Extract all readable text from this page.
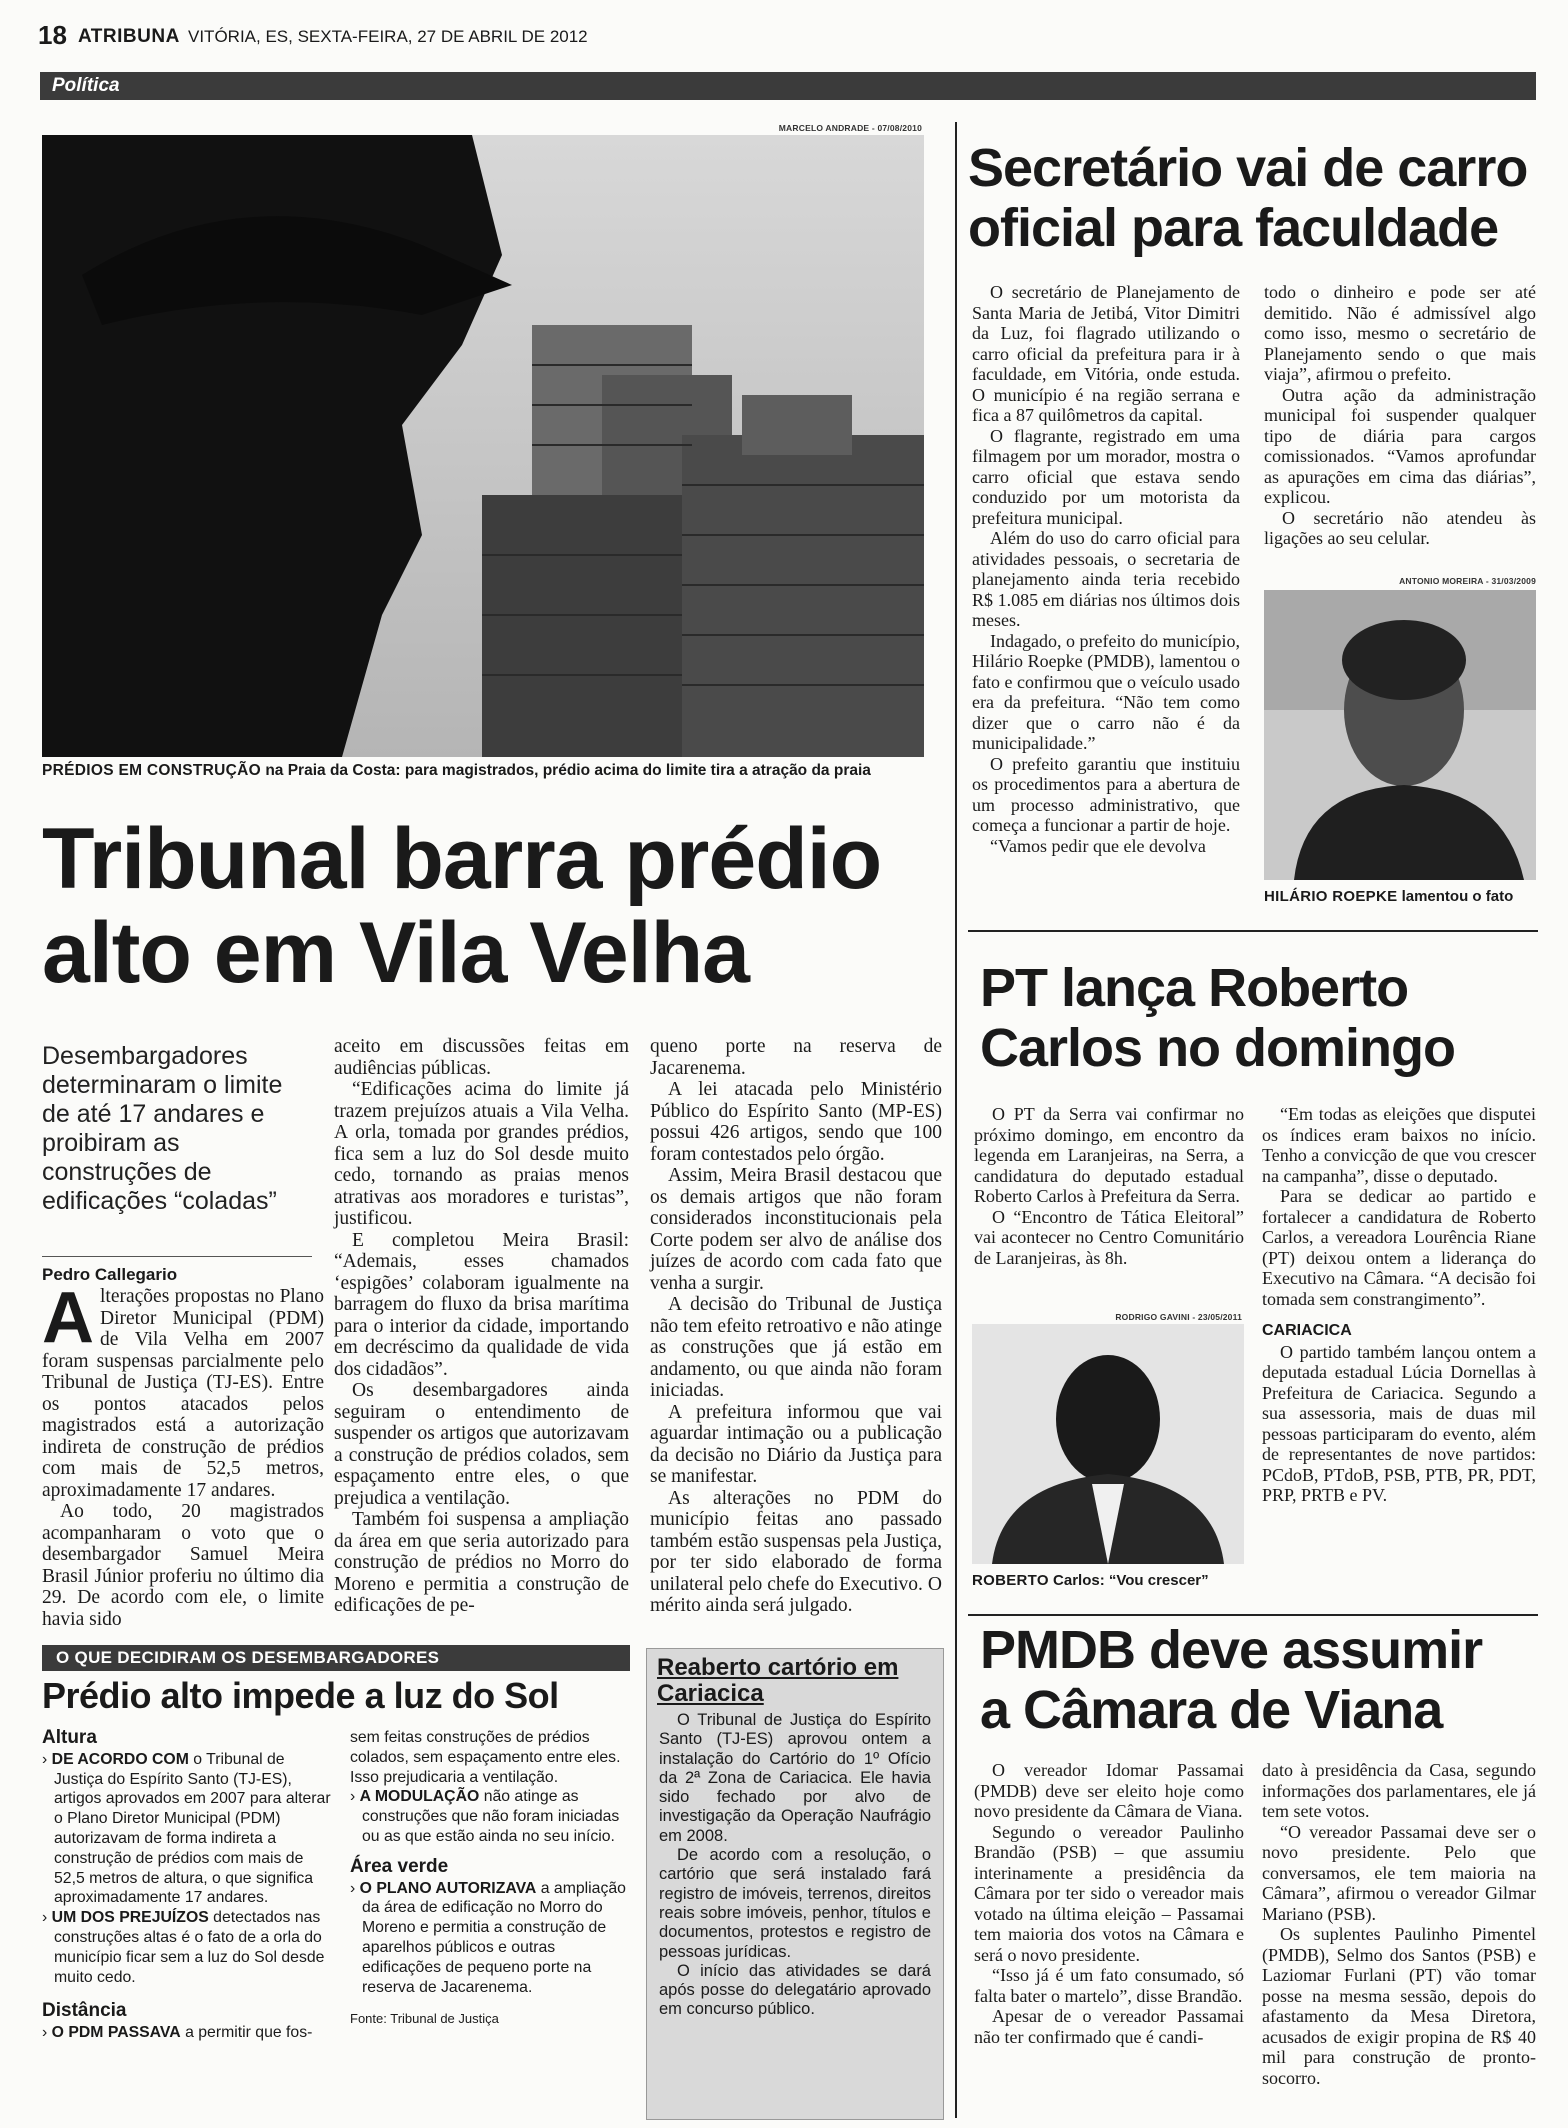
18 ATRIBUNA VITÓRIA, ES, SEXTA-FEIRA, 27 DE ABRIL DE 2012
Política
MARCELO ANDRADE - 07/08/2010
PRÉDIOS EM CONSTRUÇÃO na Praia da Costa: para magistrados, prédio acima do limite tira a atração da praia
Tribunal barra prédio
alto em Vila Velha
Desembargadores determinaram o limite de até 17 andares e proibiram as construções de edificações “coladas”
Pedro Callegario

Alterações propostas no Plano Diretor Municipal (PDM) de Vila Velha em 2007 foram suspensas parcialmente pelo Tribunal de Justiça (TJ-ES). Entre os pontos atacados pelos magistrados está a autorização indireta de construção de prédios com mais de 52,5 metros, aproximadamente 17 andares.

Ao todo, 20 magistrados acompanharam o voto que o desembargador Samuel Meira Brasil Júnior proferiu no último dia 29. De acordo com ele, o limite havia sido

aceito em discussões feitas em audiências públicas.

“Edificações acima do limite já trazem prejuízos atuais a Vila Velha. A orla, tomada por grandes prédios, fica sem a luz do Sol desde muito cedo, tornando as praias menos atrativas aos moradores e turistas”, justificou.

E completou Meira Brasil: “Ademais, esses chamados ‘espigões’ colaboram igualmente na barragem do fluxo da brisa marítima para o interior da cidade, importando em decréscimo da qualidade de vida dos cidadãos”.

Os desembargadores ainda seguiram o entendimento de suspender os artigos que autorizavam a construção de prédios colados, sem espaçamento entre eles, o que prejudica a ventilação.

Também foi suspensa a ampliação da área em que seria autorizado para construção de prédios no Morro do Moreno e permitia a construção de edificações de pe-

queno porte na reserva de Jacarenema.

A lei atacada pelo Ministério Público do Espírito Santo (MP-ES) possui 426 artigos, sendo que 100 foram contestados pelo órgão.

Assim, Meira Brasil destacou que os demais artigos que não foram considerados inconstitucionais pela Corte podem ser alvo de análise dos juízes de acordo com cada fato que venha a surgir.

A decisão do Tribunal de Justiça não tem efeito retroativo e não atinge as construções que já estão em andamento, ou que ainda não foram iniciadas.

A prefeitura informou que vai aguardar intimação ou a publicação da decisão no Diário da Justiça para se manifestar.

As alterações no PDM do município feitas ano passado também estão suspensas pela Justiça, por ter sido elaborado de forma unilateral pelo chefe do Executivo. O mérito ainda será julgado.

O QUE DECIDIRAM OS DESEMBARGADORES
Prédio alto impede a luz do Sol
Altura

› DE ACORDO COM o Tribunal de Justiça do Espírito Santo (TJ-ES), artigos aprovados em 2007 para alterar o Plano Diretor Municipal (PDM) autorizavam de forma indireta a construção de prédios com mais de 52,5 metros de altura, o que significa aproximadamente 17 andares.

› UM DOS PREJUÍZOS detectados nas construções altas é o fato de a orla do município ficar sem a luz do Sol desde muito cedo.

Distância

› O PDM PASSAVA a permitir que fos-

sem feitas construções de prédios colados, sem espaçamento entre eles. Isso prejudicaria a ventilação.

› A MODULAÇÃO não atinge as construções que não foram iniciadas ou as que estão ainda no seu início.

Área verde

› O PLANO AUTORIZAVA a ampliação da área de edificação no Morro do Moreno e permitia a construção de aparelhos públicos e outras edificações de pequeno porte na reserva de Jacarenema.

Fonte: Tribunal de Justiça
Reaberto cartório em Cariacica

O Tribunal de Justiça do Espírito Santo (TJ-ES) aprovou ontem a instalação do Cartório do 1º Ofício da 2ª Zona de Cariacica. Ele havia sido fechado por alvo de investigação da Operação Naufrágio em 2008.

De acordo com a resolução, o cartório que será instalado fará registro de imóveis, terrenos, direitos reais sobre imóveis, penhor, títulos e documentos, protestos e registro de pessoas jurídicas.

O início das atividades se dará após posse do delegatário aprovado em concurso público.

Secretário vai de carro
oficial para faculdade

O secretário de Planejamento de Santa Maria de Jetibá, Vitor Dimitri da Luz, foi flagrado utilizando o carro oficial da prefeitura para ir à faculdade, em Vitória, onde estuda. O município é na região serrana e fica a 87 quilômetros da capital.

O flagrante, registrado em uma filmagem por um morador, mostra o carro oficial que estava sendo conduzido por um motorista da prefeitura municipal.

Além do uso do carro oficial para atividades pessoais, o secretaria de planejamento ainda teria recebido R$ 1.085 em diárias nos últimos dois meses.

Indagado, o prefeito do município, Hilário Roepke (PMDB), lamentou o fato e confirmou que o veículo usado era da prefeitura. “Não tem como dizer que o carro não é da municipalidade.”

O prefeito garantiu que instituiu os procedimentos para a abertura de um processo administrativo, que começa a funcionar a partir de hoje.

“Vamos pedir que ele devolva

todo o dinheiro e pode ser até demitido. Não é admissível algo como isso, mesmo o secretário de Planejamento sendo o que mais viaja”, afirmou o prefeito.

Outra ação da administração municipal foi suspender qualquer tipo de diária para cargos comissionados. “Vamos aprofundar as apurações em cima das diárias”, explicou.

O secretário não atendeu às ligações ao seu celular.

ANTONIO MOREIRA - 31/03/2009
HILÁRIO ROEPKE lamentou o fato
PT lança Roberto
Carlos no domingo

O PT da Serra vai confirmar no próximo domingo, em encontro da legenda em Laranjeiras, na Serra, a candidatura do deputado estadual Roberto Carlos à Prefeitura da Serra.

O “Encontro de Tática Eleitoral” vai acontecer no Centro Comunitário de Laranjeiras, às 8h.

RODRIGO GAVINI - 23/05/2011
ROBERTO Carlos: “Vou crescer”

“Em todas as eleições que disputei os índices eram baixos no início. Tenho a convicção de que vou crescer na campanha”, disse o deputado.

Para se dedicar ao partido e fortalecer a candidatura de Roberto Carlos, a vereadora Lourência Riane (PT) deixou ontem a liderança do Executivo na Câmara. “A decisão foi tomada sem constrangimento”.

CARIACICA

O partido também lançou ontem a deputada estadual Lúcia Dornellas à Prefeitura de Cariacica. Segundo a sua assessoria, mais de duas mil pessoas participaram do evento, além de representantes de nove partidos: PCdoB, PTdoB, PSB, PTB, PR, PDT, PRP, PRTB e PV.

PMDB deve assumir
a Câmara de Viana

O vereador Idomar Passamai (PMDB) deve ser eleito hoje como novo presidente da Câmara de Viana.

Segundo o vereador Paulinho Brandão (PSB) – que assumiu interinamente a presidência da Câmara por ter sido o vereador mais votado na última eleição – Passamai tem maioria dos votos na Câmara e será o novo presidente.

“Isso já é um fato consumado, só falta bater o martelo”, disse Brandão.

Apesar de o vereador Passamai não ter confirmado que é candi-

dato à presidência da Casa, segundo informações dos parlamentares, ele já tem sete votos.

“O vereador Passamai deve ser o novo presidente. Pelo que conversamos, ele tem maioria na Câmara”, afirmou o vereador Gilmar Mariano (PSB).

Os suplentes Paulinho Pimentel (PMDB), Selmo dos Santos (PSB) e Laziomar Furlani (PT) vão tomar posse na mesma sessão, depois do afastamento da Mesa Diretora, acusados de exigir propina de R$ 40 mil para construção de pronto-socorro.
